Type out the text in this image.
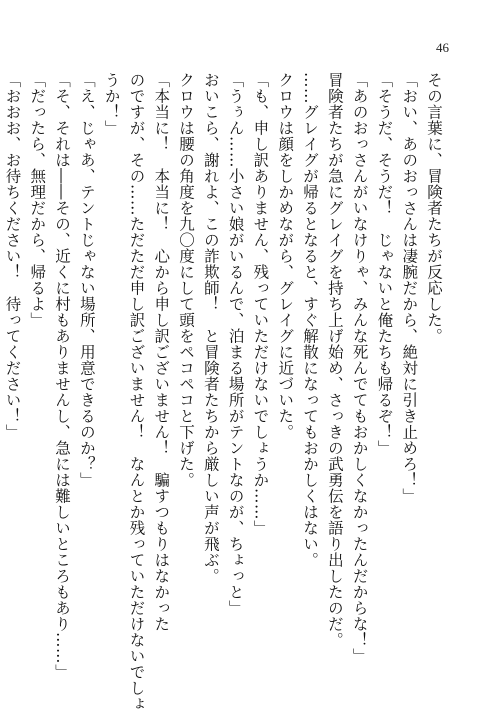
46
その言葉に、冒険者たちが反応した。
「おい、あのおっさんは凄腕だから、絶対に引き止めろ！」
「そうだ、そうだ！　じゃないと俺たちも帰るぞ！」
「あのおっさんがいなけりゃ、みんな死んでてもおかしくなかったんだからな！」
冒険者たちが急にグレイグを持ち上げ始め、さっきの武勇伝を語り出したのだ。
……グレイグが帰るとなると、すぐ解散になってもおかしくはない。
クロウは顔をしかめながら、グレイグに近づいた。
「も、申し訳ありません、残っていただけないでしょうか……」
「うぅん……小さい娘がいるんで、泊まる場所がテントなのが、ちょっと」
おいこら、謝れよ、この詐欺師！　と冒険者たちから厳しい声が飛ぶ。
クロウは腰の角度を九〇度にして頭をペコペコと下げた。
「本当に！　本当に！　心から申し訳ございません！　騙すつもりはなかった
のですが、その……ただただ申し訳ございません！　なんとか残っていただけないでしょ
うか！」
「え、じゃあ、テントじゃない場所、用意できるのか？」
「そ、それは――その、近くに村もありませんし、急には難しいところもあり……」
「だったら、無理だから、帰るよ」
「おおお、お待ちください！　待ってください！」
